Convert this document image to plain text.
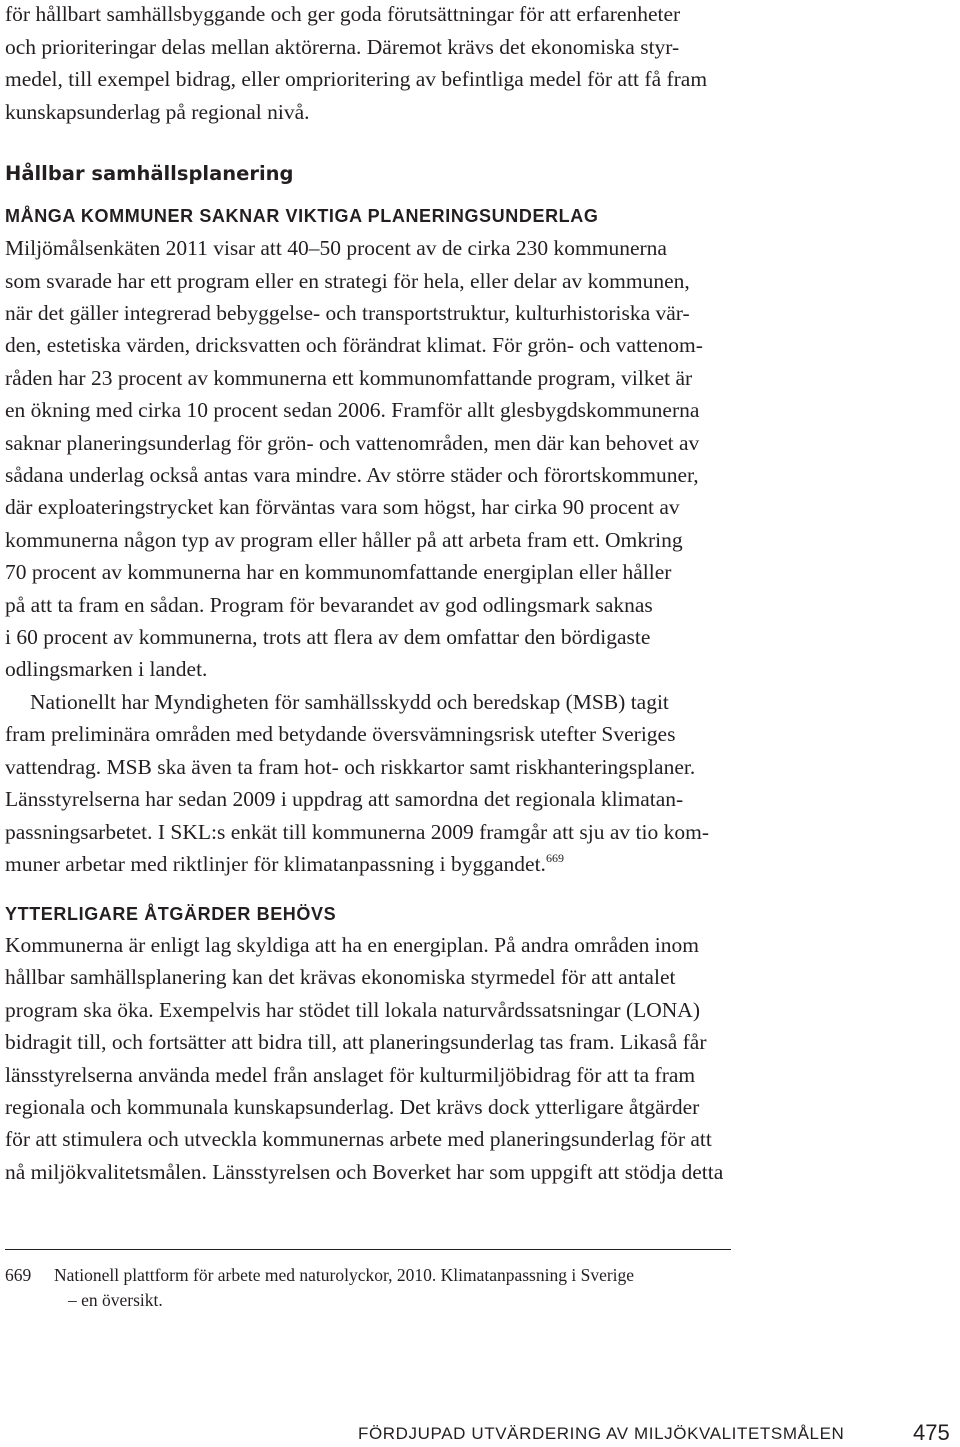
för hållbart samhällsbyggande och ger goda förutsättningar för att erfarenheter

och prioriteringar delas mellan aktörerna. Däremot krävs det ekonomiska styr-

medel, till exempel bidrag, eller omprioritering av befintliga medel för att få fram

kunskapsunderlag på regional nivå.

Hållbar samhällsplanering
MÅNGA KOMMUNER SAKNAR VIKTIGA PLANERINGSUNDERLAG

Miljömålsenkäten 2011 visar att 40–50 procent av de cirka 230 kommunerna

som svarade har ett program eller en strategi för hela, eller delar av kommunen,

när det gäller integrerad bebyggelse- och transportstruktur, kulturhistoriska vär-

den, estetiska värden, dricksvatten och förändrat klimat. För grön- och vattenom-

råden har 23 procent av kommunerna ett kommunomfattande program, vilket är

en ökning med cirka 10 procent sedan 2006. Framför allt glesbygdskommunerna

saknar planeringsunderlag för grön- och vattenområden, men där kan behovet av

sådana underlag också antas vara mindre. Av större städer och förortskommuner,

där exploateringstrycket kan förväntas vara som högst, har cirka 90 procent av

kommunerna någon typ av program eller håller på att arbeta fram ett. Omkring

70 procent av kommunerna har en kommunomfattande energiplan eller håller

på att ta fram en sådan. Program för bevarandet av god odlingsmark saknas

i 60 procent av kommunerna, trots att flera av dem omfattar den bördigaste

odlingsmarken i landet.

Nationellt har Myndigheten för samhällsskydd och beredskap (MSB) tagit

fram preliminära områden med betydande översvämningsrisk utefter Sveriges

vattendrag. MSB ska även ta fram hot- och riskkartor samt riskhanteringsplaner.

Länsstyrelserna har sedan 2009 i uppdrag att samordna det regionala klimatan-

passningsarbetet. I SKL:s enkät till kommunerna 2009 framgår att sju av tio kom-

muner arbetar med riktlinjer för klimatanpassning i byggandet.$^{669}$

YTTERLIGARE ÅTGÄRDER BEHÖVS

Kommunerna är enligt lag skyldiga att ha en energiplan. På andra områden inom

hållbar samhällsplanering kan det krävas ekonomiska styrmedel för att antalet

program ska öka. Exempelvis har stödet till lokala naturvårdssatsningar (LONA)

bidragit till, och fortsätter att bidra till, att planeringsunderlag tas fram. Likaså får

länsstyrelserna använda medel från anslaget för kulturmiljöbidrag för att ta fram

regionala och kommunala kunskapsunderlag. Det krävs dock ytterligare åtgärder

för att stimulera och utveckla kommunernas arbete med planeringsunderlag för att

nå miljökvalitetsmålen. Länsstyrelsen och Boverket har som uppgift att stödja detta

669 Nationell plattform för arbete med naturolyckor, 2010. Klimatanpassning i Sverige

– en översikt.

FÖRDJUPAD UTVÄRDERING AV MILJÖKVALITETSMÅLEN	475
